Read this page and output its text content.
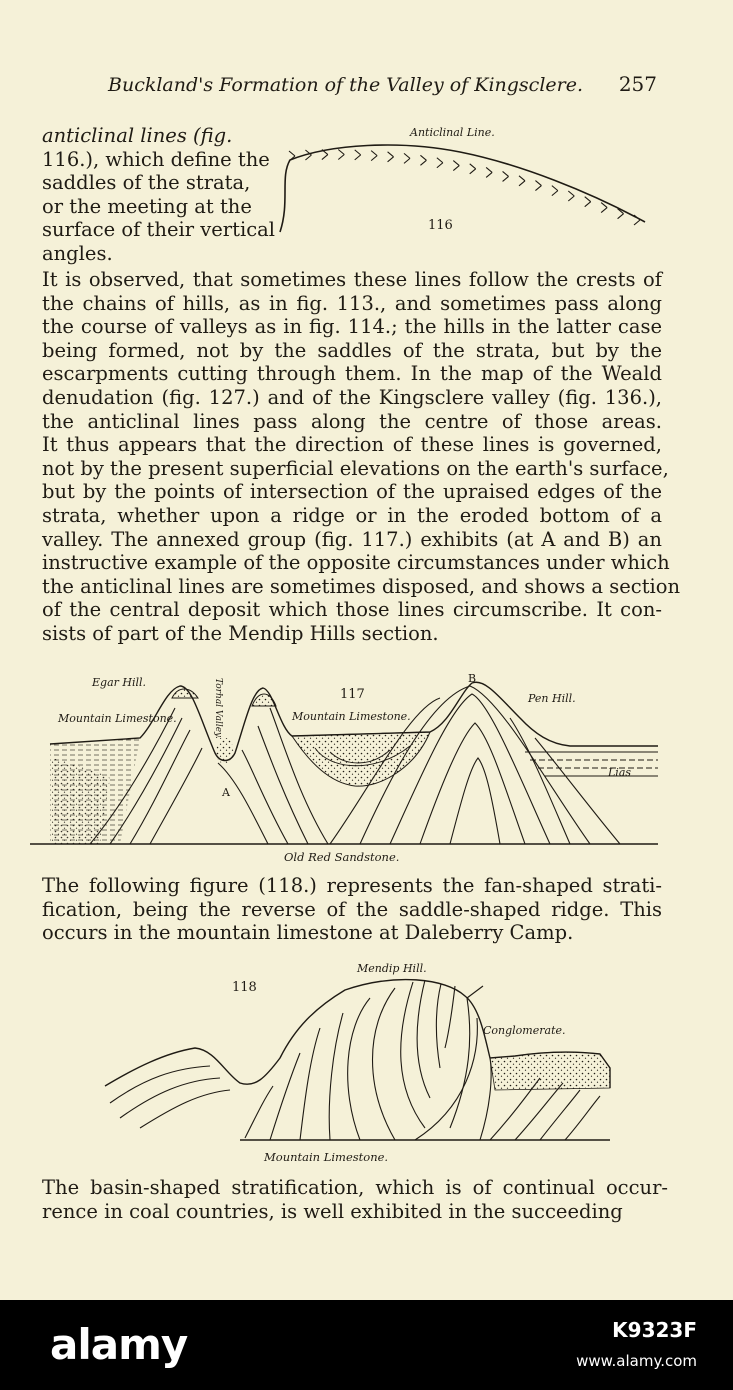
Buckland's Formation of the Valley of Kingsclere. 257
anticlinal lines (fig.
116.), which define the
saddles of the strata,
or the meeting at the
surface of their vertical
angles.
Anticlinal Line.
116
It is observed, that sometimes these lines follow the crests of
the chains of hills, as in fig. 113., and sometimes pass along
the course of valleys as in fig. 114.; the hills in the latter case
being formed, not by the saddles of the strata, but by the
escarpments cutting through them. In the map of the Weald
denudation (fig. 127.) and of the Kingsclere valley (fig. 136.),
the anticlinal lines pass along the centre of those areas.
It thus appears that the direction of these lines is governed,
not by the present superficial elevations on the earth's surface,
but by the points of intersection of the upraised edges of the
strata, whether upon a ridge or in the eroded bottom of a
valley. The annexed group (fig. 117.) exhibits (at A and B) an
instructive example of the opposite circumstances under which
the anticlinal lines are sometimes disposed, and shows a section
of the central deposit which those lines circumscribe. It con-
sists of part of the Mendip Hills section.
Egar Hill.
Mountain Limestone.	Torhal Valley.	117
Mountain Limestone.
B
Pen Hill.
Lias
A
Old Red Sandstone.
The following figure (118.) represents the fan-shaped strati-
fication, being the reverse of the saddle-shaped ridge. This
occurs in the mountain limestone at Daleberry Camp.
Mendip Hill.
118
Conglomerate.
Mountain Limestone.
The basin-shaped stratification, which is of continual occur-
rence in coal countries, is well exhibited in the succeeding
alamy	K9323F
www.alamy.com
